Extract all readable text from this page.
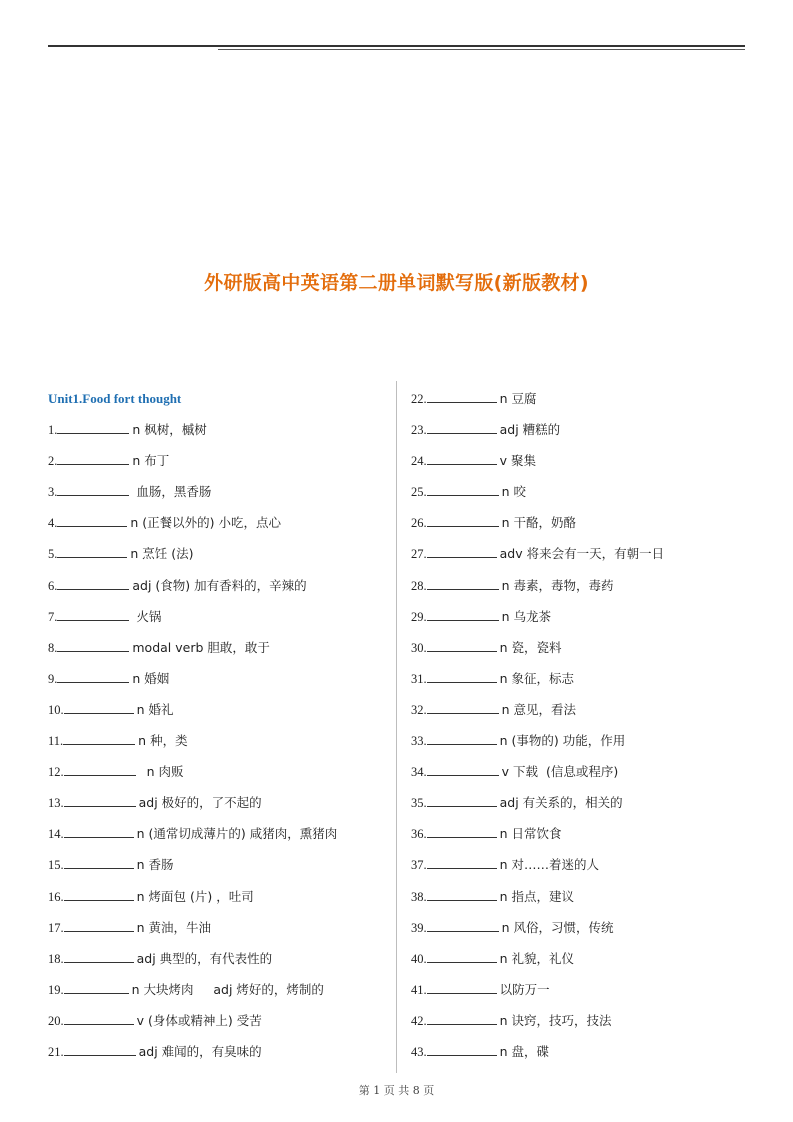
外研版高中英语第二册单词默写版(新版教材)
Unit1.Food fort thought
1.	n 枫树，槭树
2.	n 布丁
3.	血肠，黑香肠
4.	n (正餐以外的) 小吃，点心
5.	n 烹饪 (法)
6.	adj (食物) 加有香料的，辛辣的
7.	火锅
8.	modal verb 胆敢，敢于
9.	n 婚姻
10.	n 婚礼
11.	n 种，类
12.	n 肉贩
13.	adj 极好的，了不起的
14.	n (通常切成薄片的) 咸猪肉，熏猪肉
15.	n 香肠
16.	n 烤面包 (片) ，吐司
17.	n 黄油，牛油
18.	adj 典型的，有代表性的
19.	n 大块烤肉     adj 烤好的，烤制的
20.	v (身体或精神上) 受苦
21.	adj 难闻的，有臭味的
22.	n 豆腐
23.	adj 糟糕的
24.	v 聚集
25.	n 咬
26.	n 干酪，奶酪
27.	adv 将来会有一天，有朝一日
28.	n 毒素，毒物，毒药
29.	n 乌龙茶
30.	n 瓷，瓷料
31.	n 象征，标志
32.	n 意见，看法
33.	n (事物的) 功能，作用
34.	v 下载  (信息或程序)
35.	adj 有关系的，相关的
36.	n 日常饮食
37.	n 对……着迷的人
38.	n 指点，建议
39.	n 风俗，习惯，传统
40.	n 礼貌，礼仪
41.	以防万一
42.	n 诀窍，技巧，技法
43.	n 盘，碟
第 1 页 共 8 页
